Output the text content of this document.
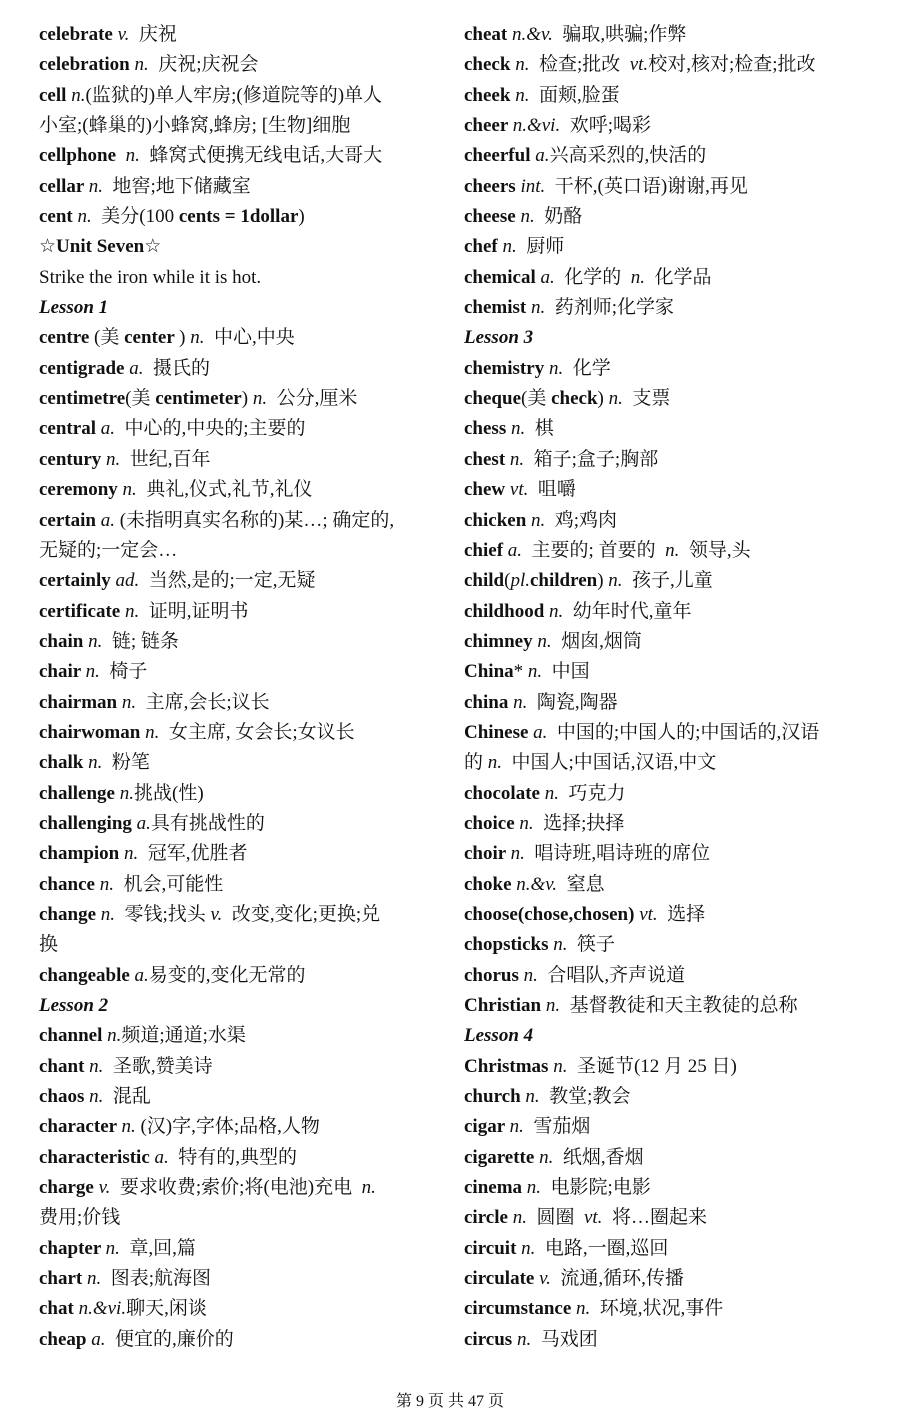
celebrate v.  庆祝
celebration n.  庆祝;庆祝会
cell n.(监狱的)单人牢房;(修道院等的)单人
小室;(蜂巢的)小蜂窝,蜂房; [生物]细胞
cellphone  n.  蜂窝式便携无线电话,大哥大
cellar n.  地窖;地下储藏室
cent n.  美分(100 cents = 1dollar)
☆Unit Seven☆
Strike the iron while it is hot.
Lesson 1
centre (美 center ) n.  中心,中央
centigrade a.  摄氏的
centimetre(美 centimeter) n.  公分,厘米
central a.  中心的,中央的;主要的
century n.  世纪,百年
ceremony n.  典礼,仪式,礼节,礼仪
certain a. (未指明真实名称的)某…; 确定的,
无疑的;一定会…
certainly ad.  当然,是的;一定,无疑
certificate n.  证明,证明书
chain n.  链; 链条
chair n.  椅子
chairman n.  主席,会长;议长
chairwoman n.  女主席, 女会长;女议长
chalk n.  粉笔
challenge n.挑战(性)
challenging a.具有挑战性的
champion n.  冠军,优胜者
chance n.  机会,可能性
change n.  零钱;找头 v.  改变,变化;更换;兑
换
changeable a.易变的,变化无常的
Lesson 2
channel n.频道;通道;水渠
chant n.  圣歌,赞美诗
chaos n.  混乱
character n. (汉)字,字体;品格,人物
characteristic a.  特有的,典型的
charge v.  要求收费;索价;将(电池)充电  n.
费用;价钱
chapter n.  章,回,篇
chart n.  图表;航海图
chat n.&vi.聊天,闲谈
cheap a.  便宜的,廉价的
cheat n.&v.  骗取,哄骗;作弊
check n.  检查;批改  vt.校对,核对;检查;批改
cheek n.  面颊,脸蛋
cheer n.&vi.  欢呼;喝彩
cheerful a.兴高采烈的,快活的
cheers int.  干杯,(英口语)谢谢,再见
cheese n.  奶酪
chef n.  厨师
chemical a.  化学的  n.  化学品
chemist n.  药剂师;化学家
Lesson 3
chemistry n.  化学
cheque(美 check) n.  支票
chess n.  棋
chest n.  箱子;盒子;胸部
chew vt.  咀嚼
chicken n.  鸡;鸡肉
chief a.  主要的; 首要的  n.  领导,头
child(pl.children) n.  孩子,儿童
childhood n.  幼年时代,童年
chimney n.  烟囱,烟筒
China* n.  中国
china n.  陶瓷,陶器
Chinese a.  中国的;中国人的;中国话的,汉语
的 n.  中国人;中国话,汉语,中文
chocolate n.  巧克力
choice n.  选择;抉择
choir n.  唱诗班,唱诗班的席位
choke n.&v.  窒息
choose(chose,chosen) vt.  选择
chopsticks n.  筷子
chorus n.  合唱队,齐声说道
Christian n.  基督教徒和天主教徒的总称
Lesson 4
Christmas n.  圣诞节(12 月 25 日)
church n.  教堂;教会
cigar n.  雪茄烟
cigarette n.  纸烟,香烟
cinema n.  电影院;电影
circle n.  圆圈  vt.  将…圈起来
circuit n.  电路,一圈,巡回
circulate v.  流通,循环,传播
circumstance n.  环境,状况,事件
circus n.  马戏团
第 9 页 共 47 页
